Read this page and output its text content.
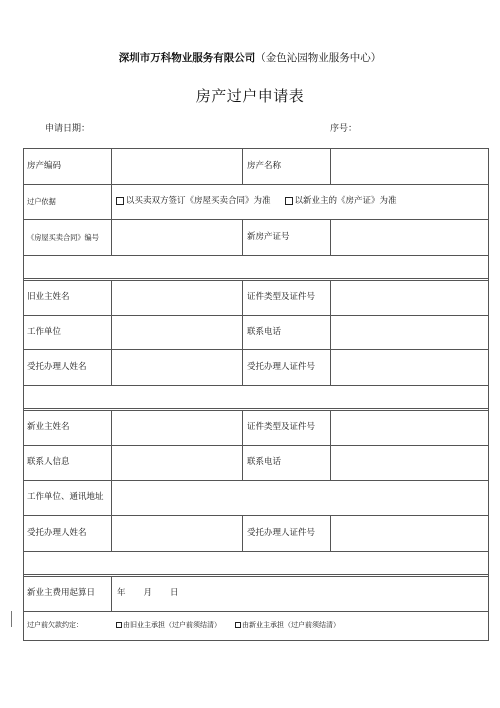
深圳市万科物业服务有限公司（金色沁园物业服务中心）
房产过户申请表
申请日期：	序号：
房产编码	房产名称
过户依据	以买卖双方签订《房屋买卖合同》为准	以新业主的《房产证》为准
《房屋买卖合同》编号	新房产证号
旧业主姓名	证件类型及证件号
工作单位	联系电话
受托办理人姓名	受托办理人证件号
新业主姓名	证件类型及证件号
联系人信息	联系电话
工作单位、通讯地址
受托办理人姓名	受托办理人证件号
新业主费用起算日	年 月 日
过户前欠款约定：	由旧业主承担（过户前须结清）	由新业主承担（过户前须结清）
